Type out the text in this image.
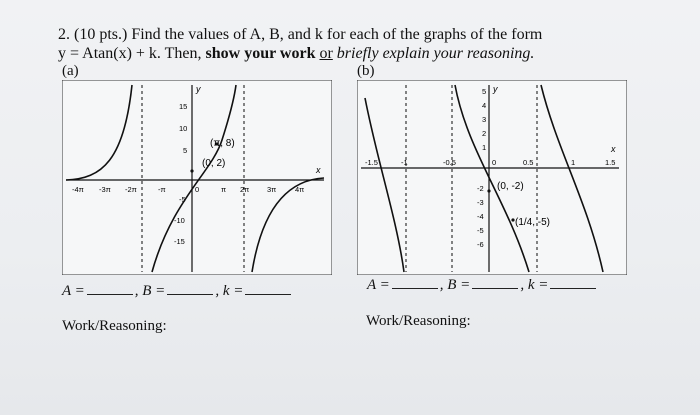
2. (10 pts.) Find the values of A, B, and k for each of the graphs of the form
y = Atan(x) + k. Then, show your work or briefly explain your reasoning.
(a)	(b)
x
y
-4π -3π -2π	-π	0	π 2π 3π 4π
15
10
5
-5
-10
-15
(0, 2)
(π, 8)	x
y
-1.5	-1	-0.5	0	0.5	1	1.5
5
4
3
2
1
-2
-3
-4
-5
-6
(0, -2)
(1/4, -5)
A =	, B =	, k =	A =	, B =	, k =
Work/Reasoning:	Work/Reasoning:
